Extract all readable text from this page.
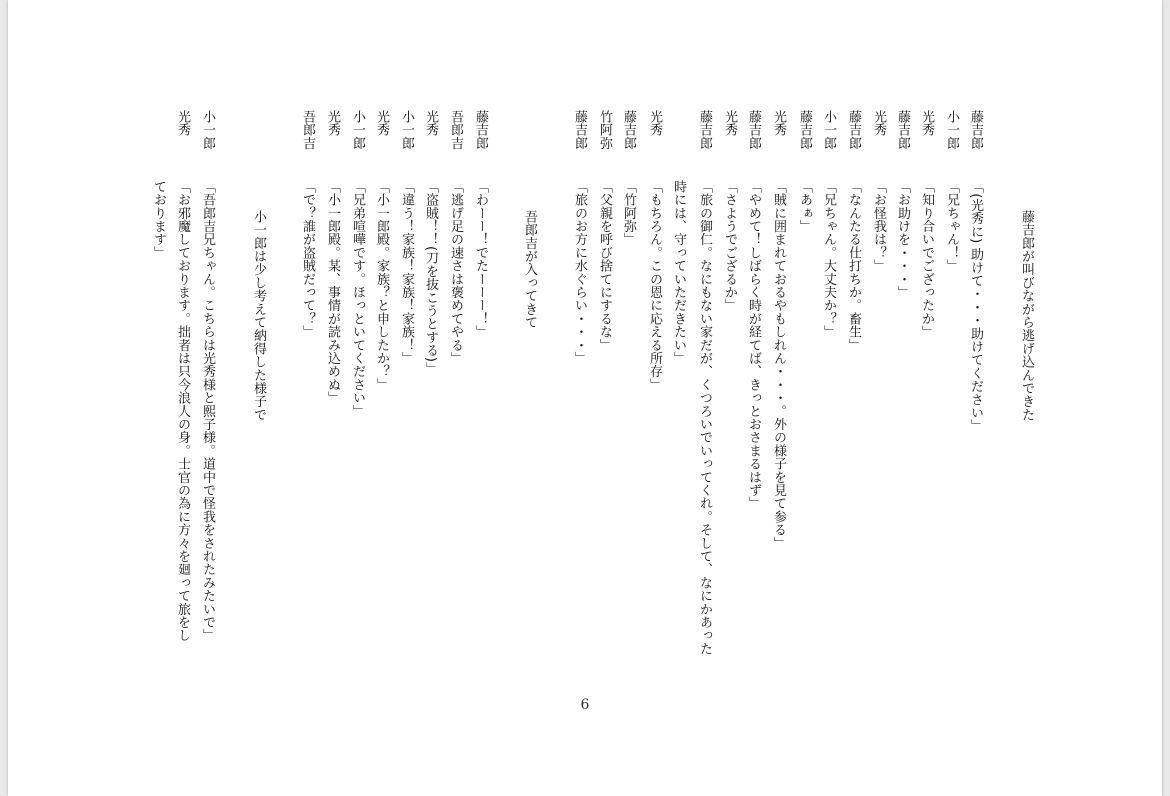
藤吉郎が叫びながら逃げ込んできた
藤吉郎
「(光秀に) 助けて・・・助けてください」
小一郎
「兄ちゃん！」
光秀
「知り合いでござったか」
藤吉郎
「お助けを・・・」
光秀
「お怪我は？」
藤吉郎
「なんたる仕打ちか。畜生」
小一郎
「兄ちゃん。大丈夫か？」
藤吉郎
「あぁ」
光秀
「賊に囲まれておるやもしれん・・・。外の様子を見て参る」
藤吉郎
「やめて！しばらく時が経てば、きっとおさまるはず」
光秀
「さようでござるか」
藤吉郎
「旅の御仁。なにもない家だが、くつろいでいってくれ。そして、なにかあった
時には、守っていただきたい」
光秀
「もちろん。この恩に応える所存」
藤吉郎
「竹阿弥」
竹阿弥
「父親を呼び捨てにするな」
藤吉郎
「旅のお方に水ぐらい・・・」
吾郎吉が入ってきて
藤吉郎
「わーー！でたーーー！」
吾郎吉
「逃げ足の速さは褒めてやる」
光秀
「盗賊！！(刀を抜こうとする)」
小一郎
「違う！家族！家族！家族！」
光秀
「小一郎殿。家族？と申したか？」
小一郎
「兄弟喧嘩です。ほっといてください」
光秀
「小一郎殿。某、事情が読み込めぬ」
吾郎吉
「で？誰が盗賊だって？」
小一郎は少し考えて納得した様子で
小一郎
「吾郎吉兄ちゃん。こちらは光秀様と熙子様。道中で怪我をされたみたいで」
光秀
「お邪魔しております。拙者は只今浪人の身。士官の為に方々を廻って旅をし
ております」
6
